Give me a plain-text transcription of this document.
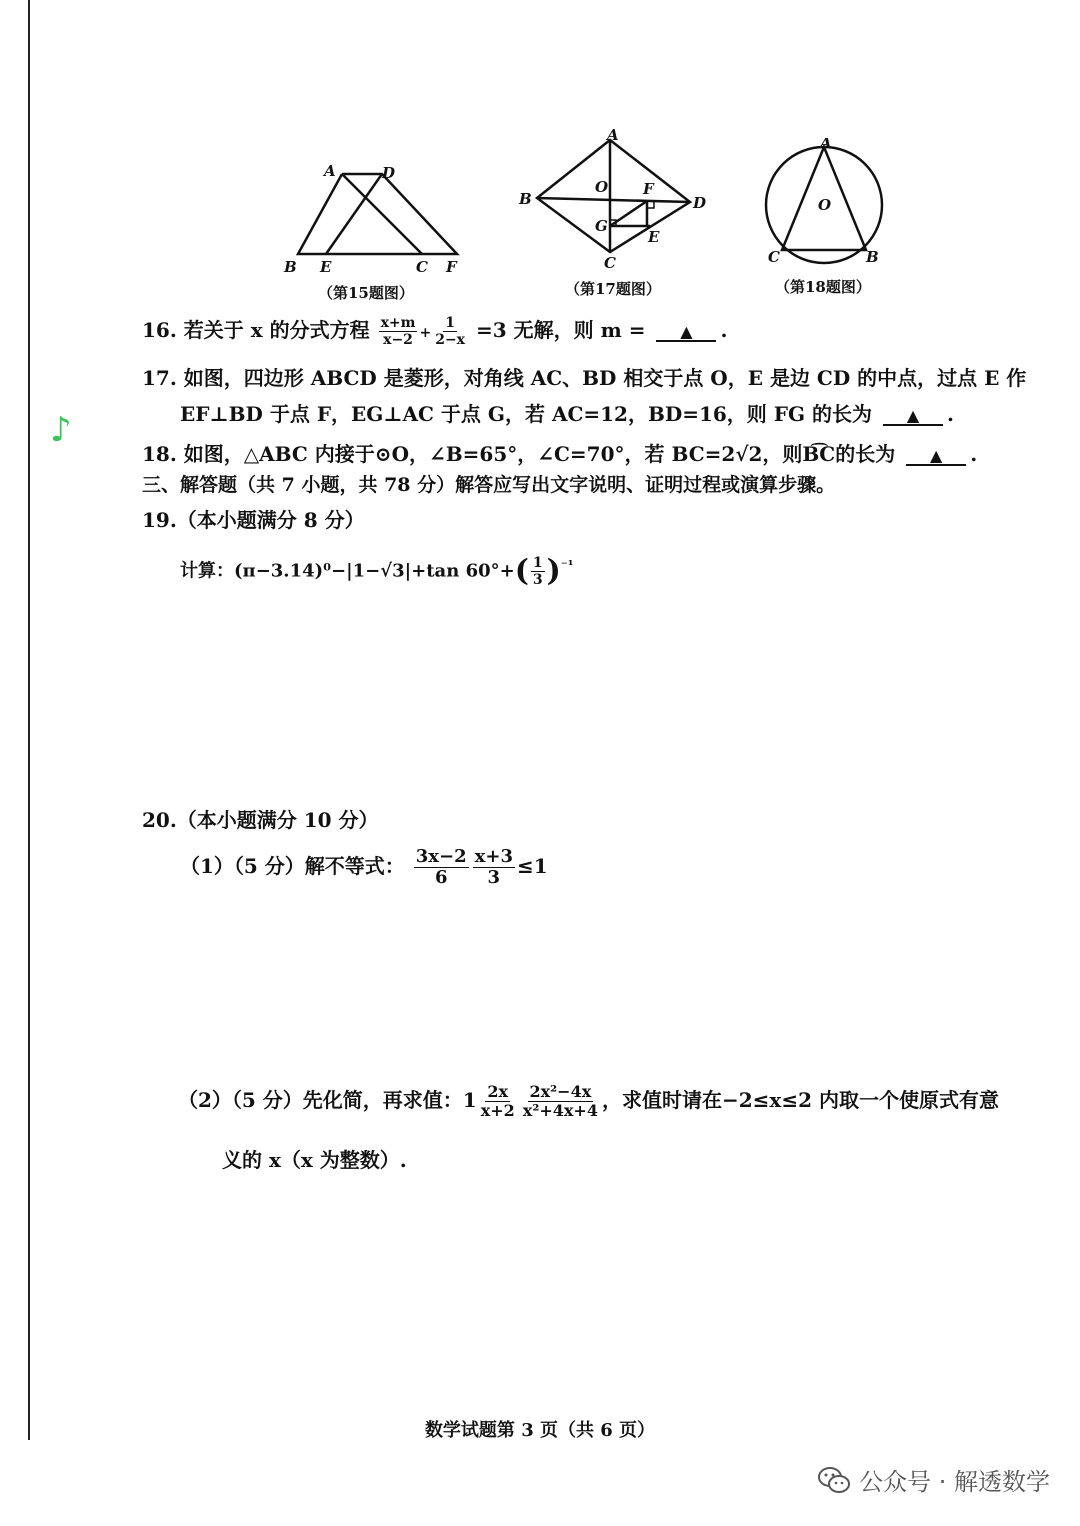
A	D
B E	C F
（第15题图）
A
B
O F
D
G
E
C
（第17题图）
A
O
C	B
（第18题图）
16. 若关于 x 的分式方程 $\frac{x+m}{x-2} + \frac{1}{2-x} =3$ 无解，则 m = ▲ .
17. 如图，四边形 ABCD 是菱形，对角线 AC、BD 相交于点 O，E 是边 CD 的中点，过点 E 作
EF⊥BD 于点 F，EG⊥AC 于点 G，若 AC=12，BD=16，则 FG 的长为 ▲ .
♪
18. 如图，△ABC 内接于⊙O，∠B=65°，∠C=70°，若 BC=2√2，则B͡C的长为 ▲ .
三、解答题（共 7 小题，共 78 分）解答应写出文字说明、证明过程或演算步骤。
19.（本小题满分 8 分）
计算：(π−3.14)⁰−|1−√3|+tan $60^\circ+( \frac{1}{3} )^{^{-1}}$
20.（本小题满分 10 分）
（1）（5 分）解不等式： $\frac{3x-2}{6} \frac{x+3}{3} \le 1$
（2）（5 分）先化简，再求值：$1 \frac{2x}{x+2} \frac{\text{2x²−4x}}{\text{x²+4x+4}}$ ，求值时请在−2≤x≤2 内取一个使原式有意
义的 x（x 为整数）.
数学试题第 3 页（共 6 页）
公众号 · 解透数学
